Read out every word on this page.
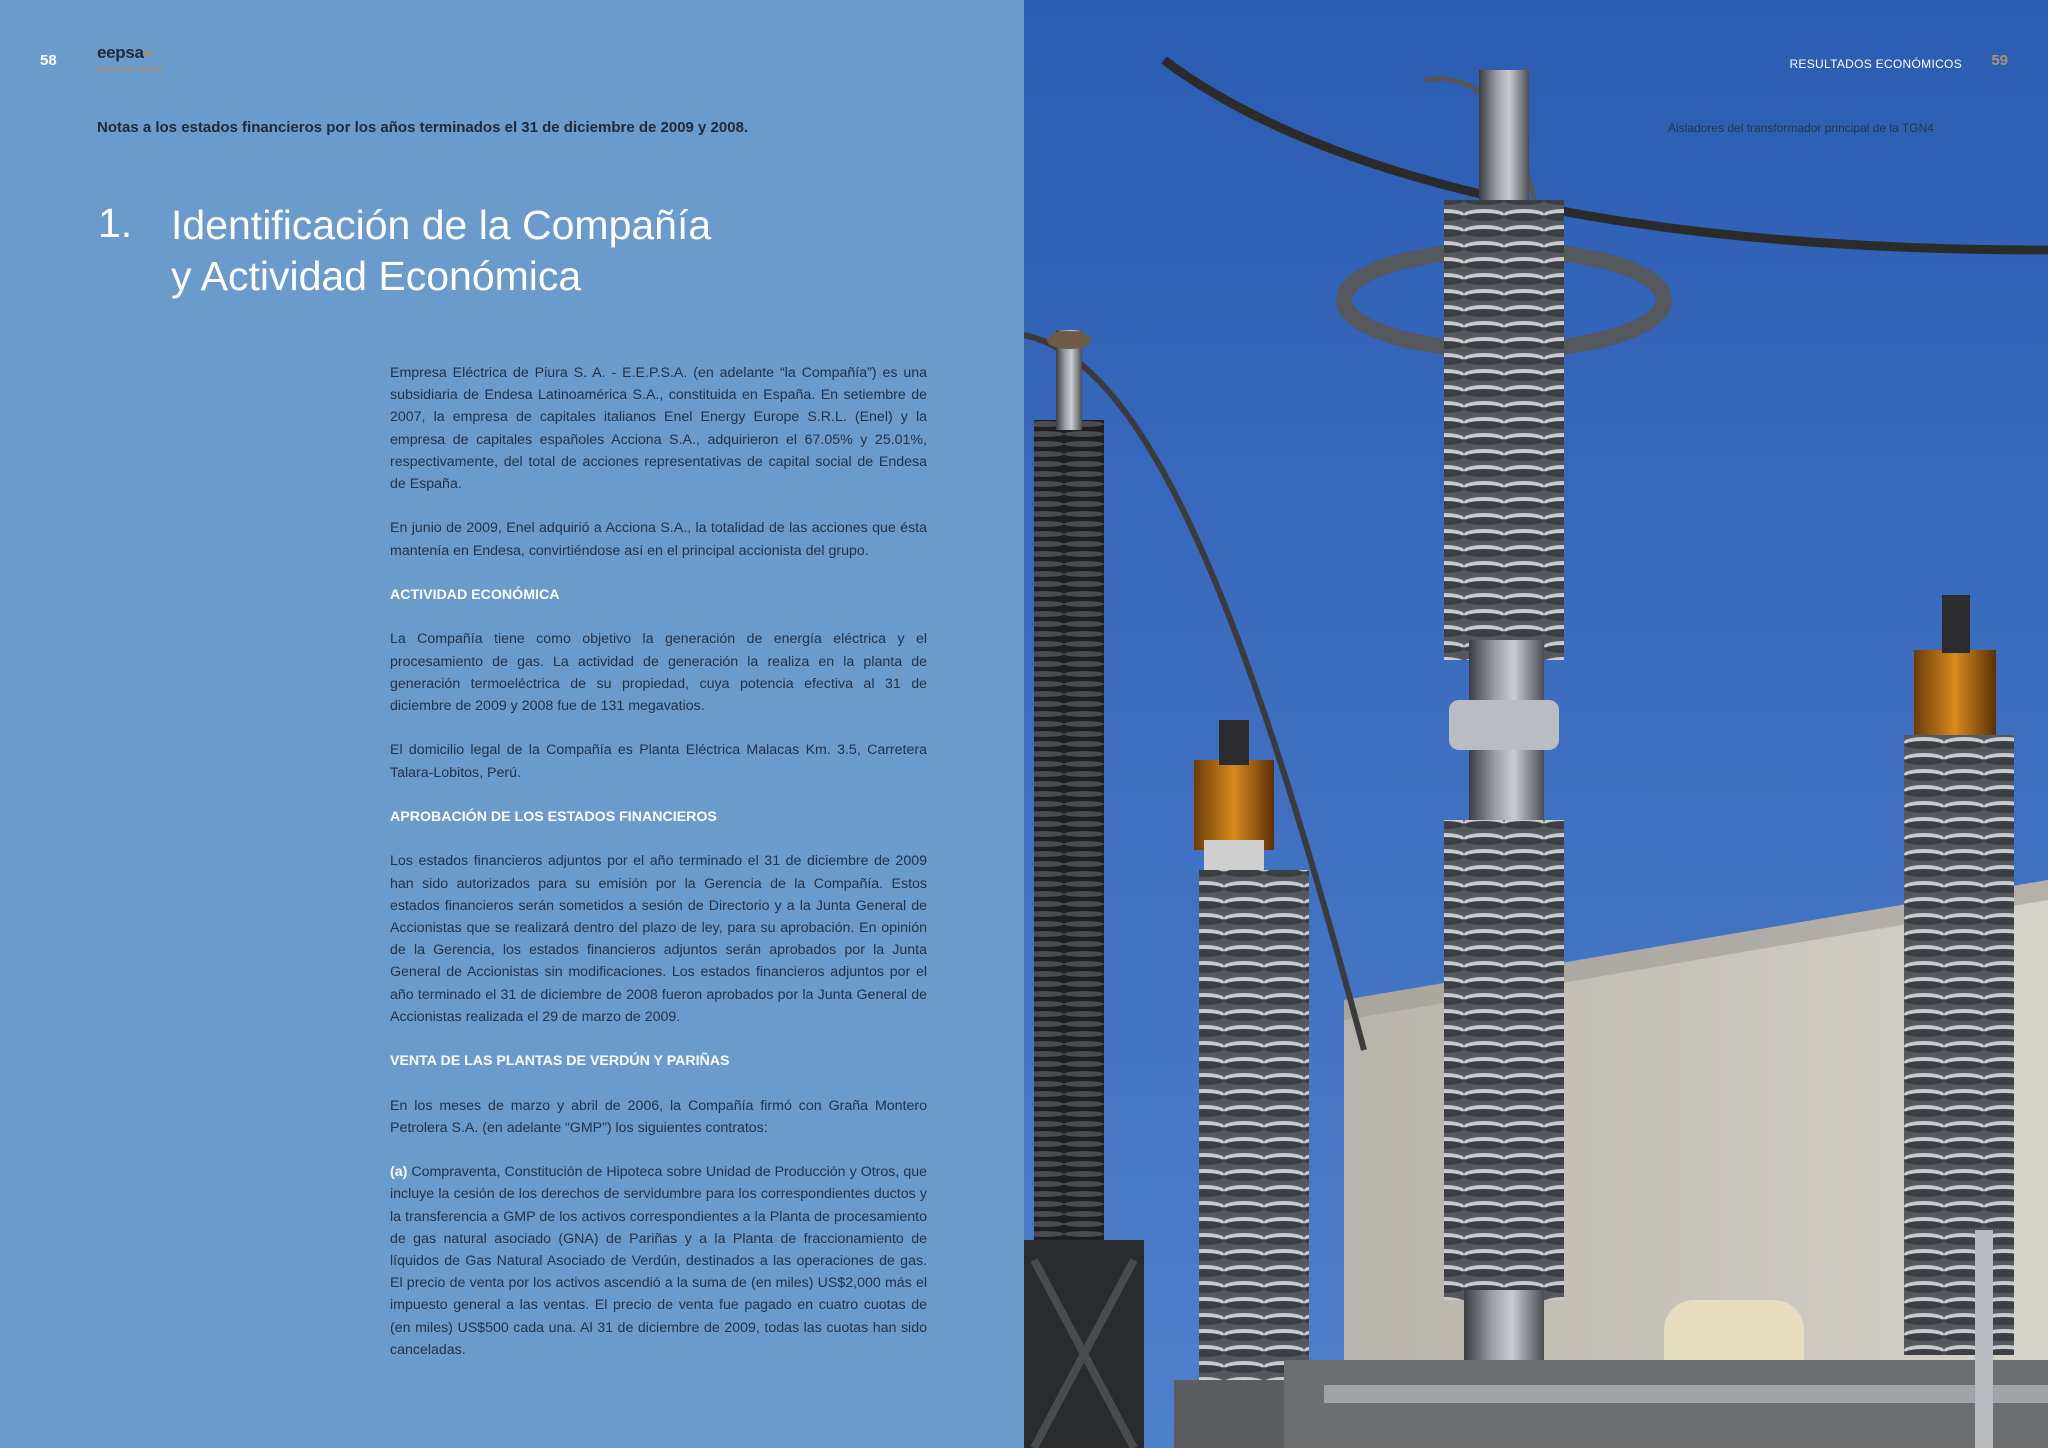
58 eepsaee
memoria anual
Notas a los estados financieros por los años terminados el 31 de diciembre de 2009 y 2008.
1. Identificación de la Compañía
y Actividad Económica

Empresa Eléctrica de Piura S. A. - E.E.P.S.A. (en adelante “la Compañía”) es una subsidiaria de Endesa Latinoamérica S.A., constituida en España. En setiembre de 2007, la empresa de capitales italianos Enel Energy Europe S.R.L. (Enel) y la empresa de capitales españoles Acciona S.A., adquirieron el 67.05% y 25.01%, respectivamente, del total de acciones representativas de capital social de Endesa de España.

En junio de 2009, Enel adquirió a Acciona S.A., la totalidad de las acciones que ésta mantenía en Endesa, convirtiéndose así en el principal accionista del grupo.

ACTIVIDAD ECONÓMICA

La Compañía tiene como objetivo la generación de energía eléctrica y el procesamiento de gas. La actividad de generación la realiza en la planta de generación termoeléctrica de su propiedad, cuya potencia efectiva al 31 de diciembre de 2009 y 2008 fue de 131 megavatios.

El domicilio legal de la Compañía es Planta Eléctrica Malacas Km. 3.5, Carretera Talara-Lobitos, Perú.

APROBACIÓN DE LOS ESTADOS FINANCIEROS

Los estados financieros adjuntos por el año terminado el 31 de diciembre de 2009 han sido autorizados para su emisión por la Gerencia de la Compañía. Estos estados financieros serán sometidos a sesión de Directorio y a la Junta General de Accionistas que se realizará dentro del plazo de ley, para su aprobación. En opinión de la Gerencia, los estados financieros adjuntos serán aprobados por la Junta General de Accionistas sin modificaciones. Los estados financieros adjuntos por el año terminado el 31 de diciembre de 2008 fueron aprobados por la Junta General de Accionistas realizada el 29 de marzo de 2009.

VENTA DE LAS PLANTAS DE VERDÚN Y PARIÑAS

En los meses de marzo y abril de 2006, la Compañía firmó con Graña Montero Petrolera S.A. (en adelante “GMP”) los siguientes contratos:

(a) Compraventa, Constitución de Hipoteca sobre Unidad de Producción y Otros, que incluye la cesión de los derechos de servidumbre para los correspondientes ductos y la transferencia a GMP de los activos correspondientes a la Planta de procesamiento de gas natural asociado (GNA) de Pariñas y a la Planta de fraccionamiento de líquidos de Gas Natural Asociado de Verdún, destinados a las operaciones de gas. El precio de venta por los activos ascendió a la suma de (en miles) US$2,000 más el impuesto general a las ventas. El precio de venta fue pagado en cuatro cuotas de (en miles) US$500 cada una. Al 31 de diciembre de 2009, todas las cuotas han sido canceladas.

RESULTADOS ECONÓMICOS 59
Aisladores del transformador principal de la TGN4
